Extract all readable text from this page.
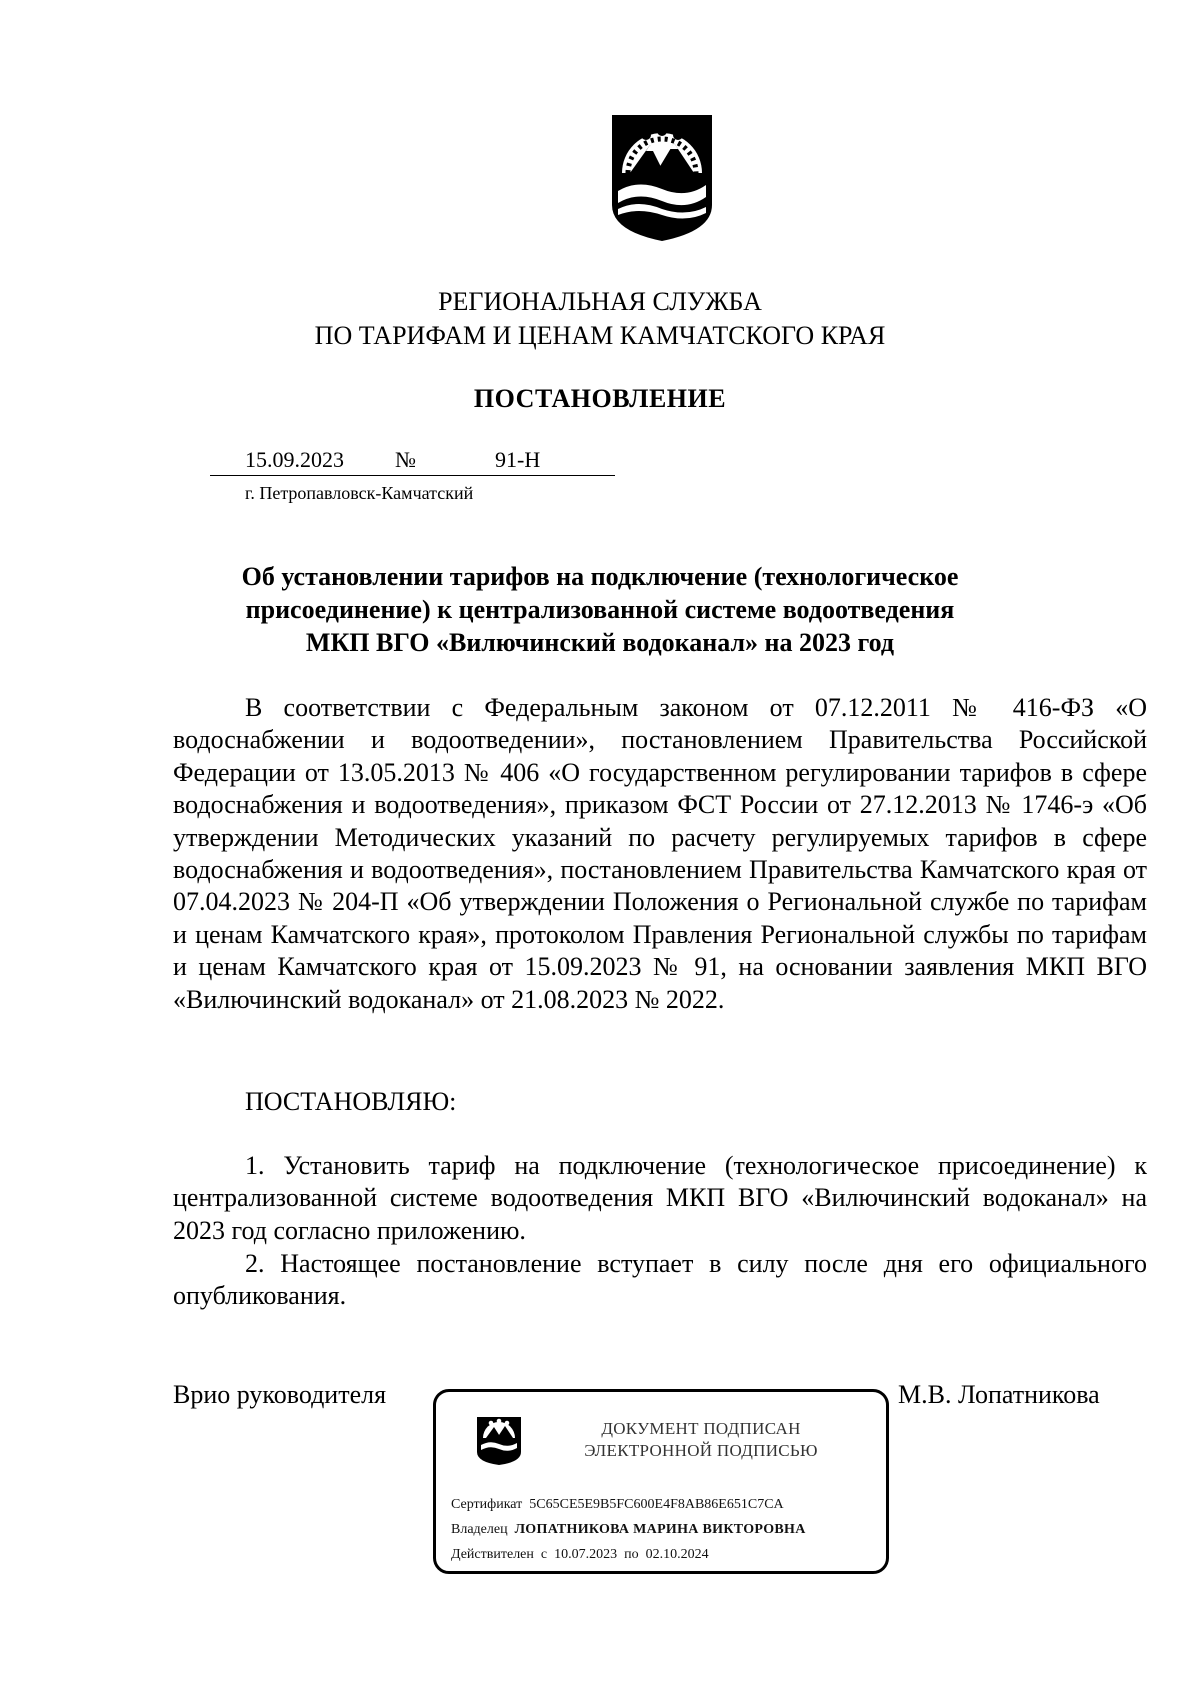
РЕГИОНАЛЬНАЯ СЛУЖБА
ПО ТАРИФАМ И ЦЕНАМ КАМЧАТСКОГО КРАЯ
ПОСТАНОВЛЕНИЕ
15.09.2023 №	91-Н
г. Петропавловск-Камчатский
Об установлении тарифов на подключение (технологическое
присоединение) к централизованной системе водоотведения
МКП ВГО «Вилючинский водоканал» на 2023 год
В соответствии с Федеральным законом от 07.12.2011 № 416-ФЗ «О водоснабжении и водоотведении», постановлением Правительства Российской Федерации от 13.05.2013 № 406 «О государственном регулировании тарифов в сфере водоснабжения и водоотведения», приказом ФСТ России от 27.12.2013 № 1746-э «Об утверждении Методических указаний по расчету регулируемых тарифов в сфере водоснабжения и водоотведения», постановлением Правительства Камчатского края от 07.04.2023 № 204-П «Об утверждении Положения о Региональной службе по тарифам и ценам Камчатского края», протоколом Правления Региональной службы по тарифам и ценам Камчатского края от 15.09.2023 № 91, на основании заявления МКП ВГО «Вилючинский водоканал» от 21.08.2023 № 2022.
ПОСТАНОВЛЯЮ:
1. Установить тариф на подключение (технологическое присоединение) к централизованной системе водоотведения МКП ВГО «Вилючинский водоканал» на 2023 год согласно приложению.
2. Настоящее постановление вступает в силу после дня его официального опубликования.
Врио руководителя	М.В. Лопатникова
ДОКУМЕНТ ПОДПИСАН
ЭЛЕКТРОННОЙ ПОДПИСЬЮ
Сертификат 5C65CE5E9B5FC600E4F8AB86E651C7CA
Владелец ЛОПАТНИКОВА МАРИНА ВИКТОРОВНА
Действителен с 10.07.2023 по 02.10.2024
